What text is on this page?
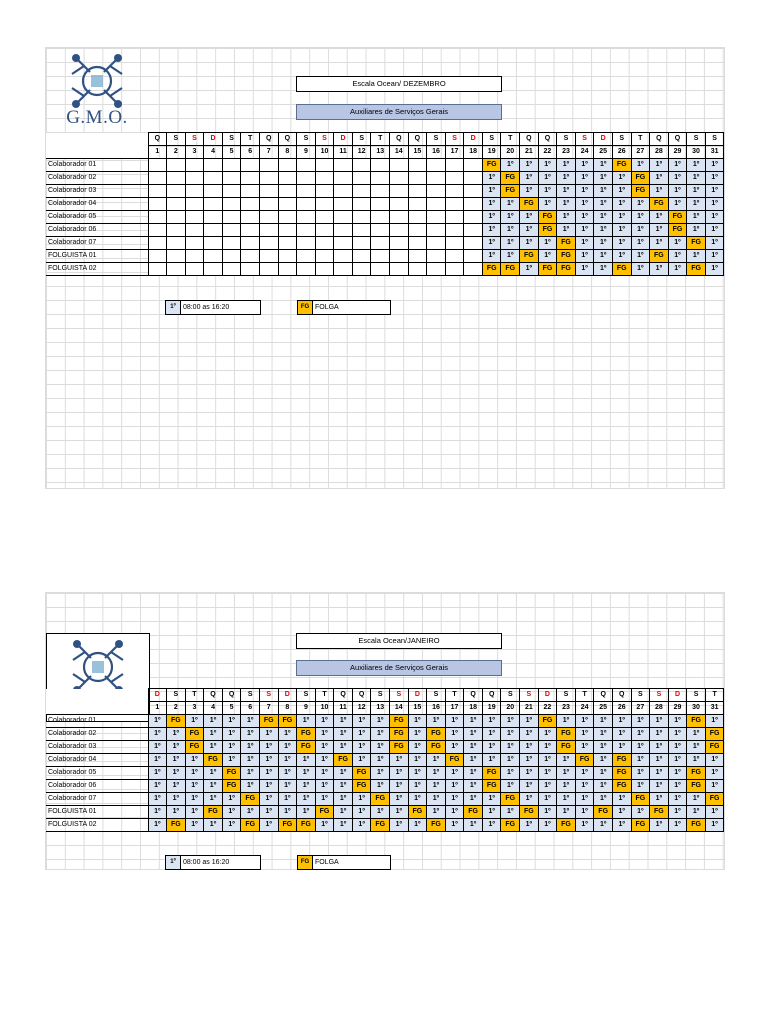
G.M.O.
Escala Ocean/ DEZEMBRO
Auxiliares de Serviços Gerais
	Q	S	S	D	S	T	Q	Q	S	S	D	S	T	Q	Q	S	S	D	S	T	Q	Q	S	S	D	S	T	Q	Q	S	S
	1	2	3	4	5	6	7	8	9	10	11	12	13	14	15	16	17	18	19	20	21	22	23	24	25	26	27	28	29	30	31
Colaborador 01																			FG	1º	1º	1º	1º	1º	1º	FG	1º	1º	1º	1º	1º
Colaborador 02																			1º	FG	1º	1º	1º	1º	1º	1º	FG	1º	1º	1º	1º
Colaborador 03																			1º	FG	1º	1º	1º	1º	1º	1º	FG	1º	1º	1º	1º
Colaborador 04																			1º	1º	FG	1º	1º	1º	1º	1º	1º	FG	1º	1º	1º
Colaborador 05																			1º	1º	1º	FG	1º	1º	1º	1º	1º	1º	FG	1º	1º
Colaborador 06																			1º	1º	1º	FG	1º	1º	1º	1º	1º	1º	FG	1º	1º
Colaborador 07																			1º	1º	1º	1º	FG	1º	1º	1º	1º	1º	1º	FG	1º
FOLGUISTA 01																			1º	1º	FG	1º	FG	1º	1º	1º	1º	FG	1º	1º	1º
FOLGUISTA 02																			FG	FG	1º	FG	FG	1º	1º	FG	1º	1º	1º	FG	1º
1º 08:00 as 16:20	FG FOLGA
Escala Ocean/JANEIRO
Auxiliares de Serviços Gerais
	D	S	T	Q	Q	S	S	D	S	T	Q	Q	S	S	D	S	T	Q	Q	S	S	D	S	T	Q	Q	S	S	D	S	T
	1	2	3	4	5	6	7	8	9	10	11	12	13	14	15	16	17	18	19	20	21	22	23	24	25	26	27	28	29	30	31
Colaborador 01	1º	FG	1º	1º	1º	1º	FG	FG	1º	1º	1º	1º	1º	FG	1º	1º	1º	1º	1º	1º	1º	FG	1º	1º	1º	1º	1º	1º	1º	FG	1º
Colaborador 02	1º	1º	FG	1º	1º	1º	1º	1º	FG	1º	1º	1º	1º	FG	1º	FG	1º	1º	1º	1º	1º	1º	FG	1º	1º	1º	1º	1º	1º	1º	FG
Colaborador 03	1º	1º	FG	1º	1º	1º	1º	1º	FG	1º	1º	1º	1º	FG	1º	FG	1º	1º	1º	1º	1º	1º	FG	1º	1º	1º	1º	1º	1º	1º	FG
Colaborador 04	1º	1º	1º	FG	1º	1º	1º	1º	1º	1º	FG	1º	1º	1º	1º	1º	FG	1º	1º	1º	1º	1º	1º	FG	1º	FG	1º	1º	1º	1º	1º
Colaborador 05	1º	1º	1º	1º	FG	1º	1º	1º	1º	1º	1º	FG	1º	1º	1º	1º	1º	1º	FG	1º	1º	1º	1º	1º	1º	FG	1º	1º	1º	FG	1º
Colaborador 06	1º	1º	1º	1º	FG	1º	1º	1º	1º	1º	1º	FG	1º	1º	1º	1º	1º	1º	FG	1º	1º	1º	1º	1º	1º	FG	1º	1º	1º	FG	1º
Colaborador 07	1º	1º	1º	1º	1º	FG	1º	1º	1º	1º	1º	1º	FG	1º	1º	1º	1º	1º	1º	FG	1º	1º	1º	1º	1º	1º	FG	1º	1º	1º	FG
FOLGUISTA 01	1º	1º	1º	FG	1º	1º	1º	1º	1º	FG	1º	1º	1º	1º	FG	1º	1º	FG	1º	1º	FG	1º	1º	1º	FG	1º	1º	FG	1º	1º	1º
FOLGUISTA 02	1º	FG	1º	1º	1º	FG	1º	FG	FG	1º	1º	1º	FG	1º	1º	FG	1º	1º	1º	FG	1º	1º	FG	1º	1º	1º	FG	1º	1º	FG	1º
1º 08:00 as 16:20	FG FOLGA
